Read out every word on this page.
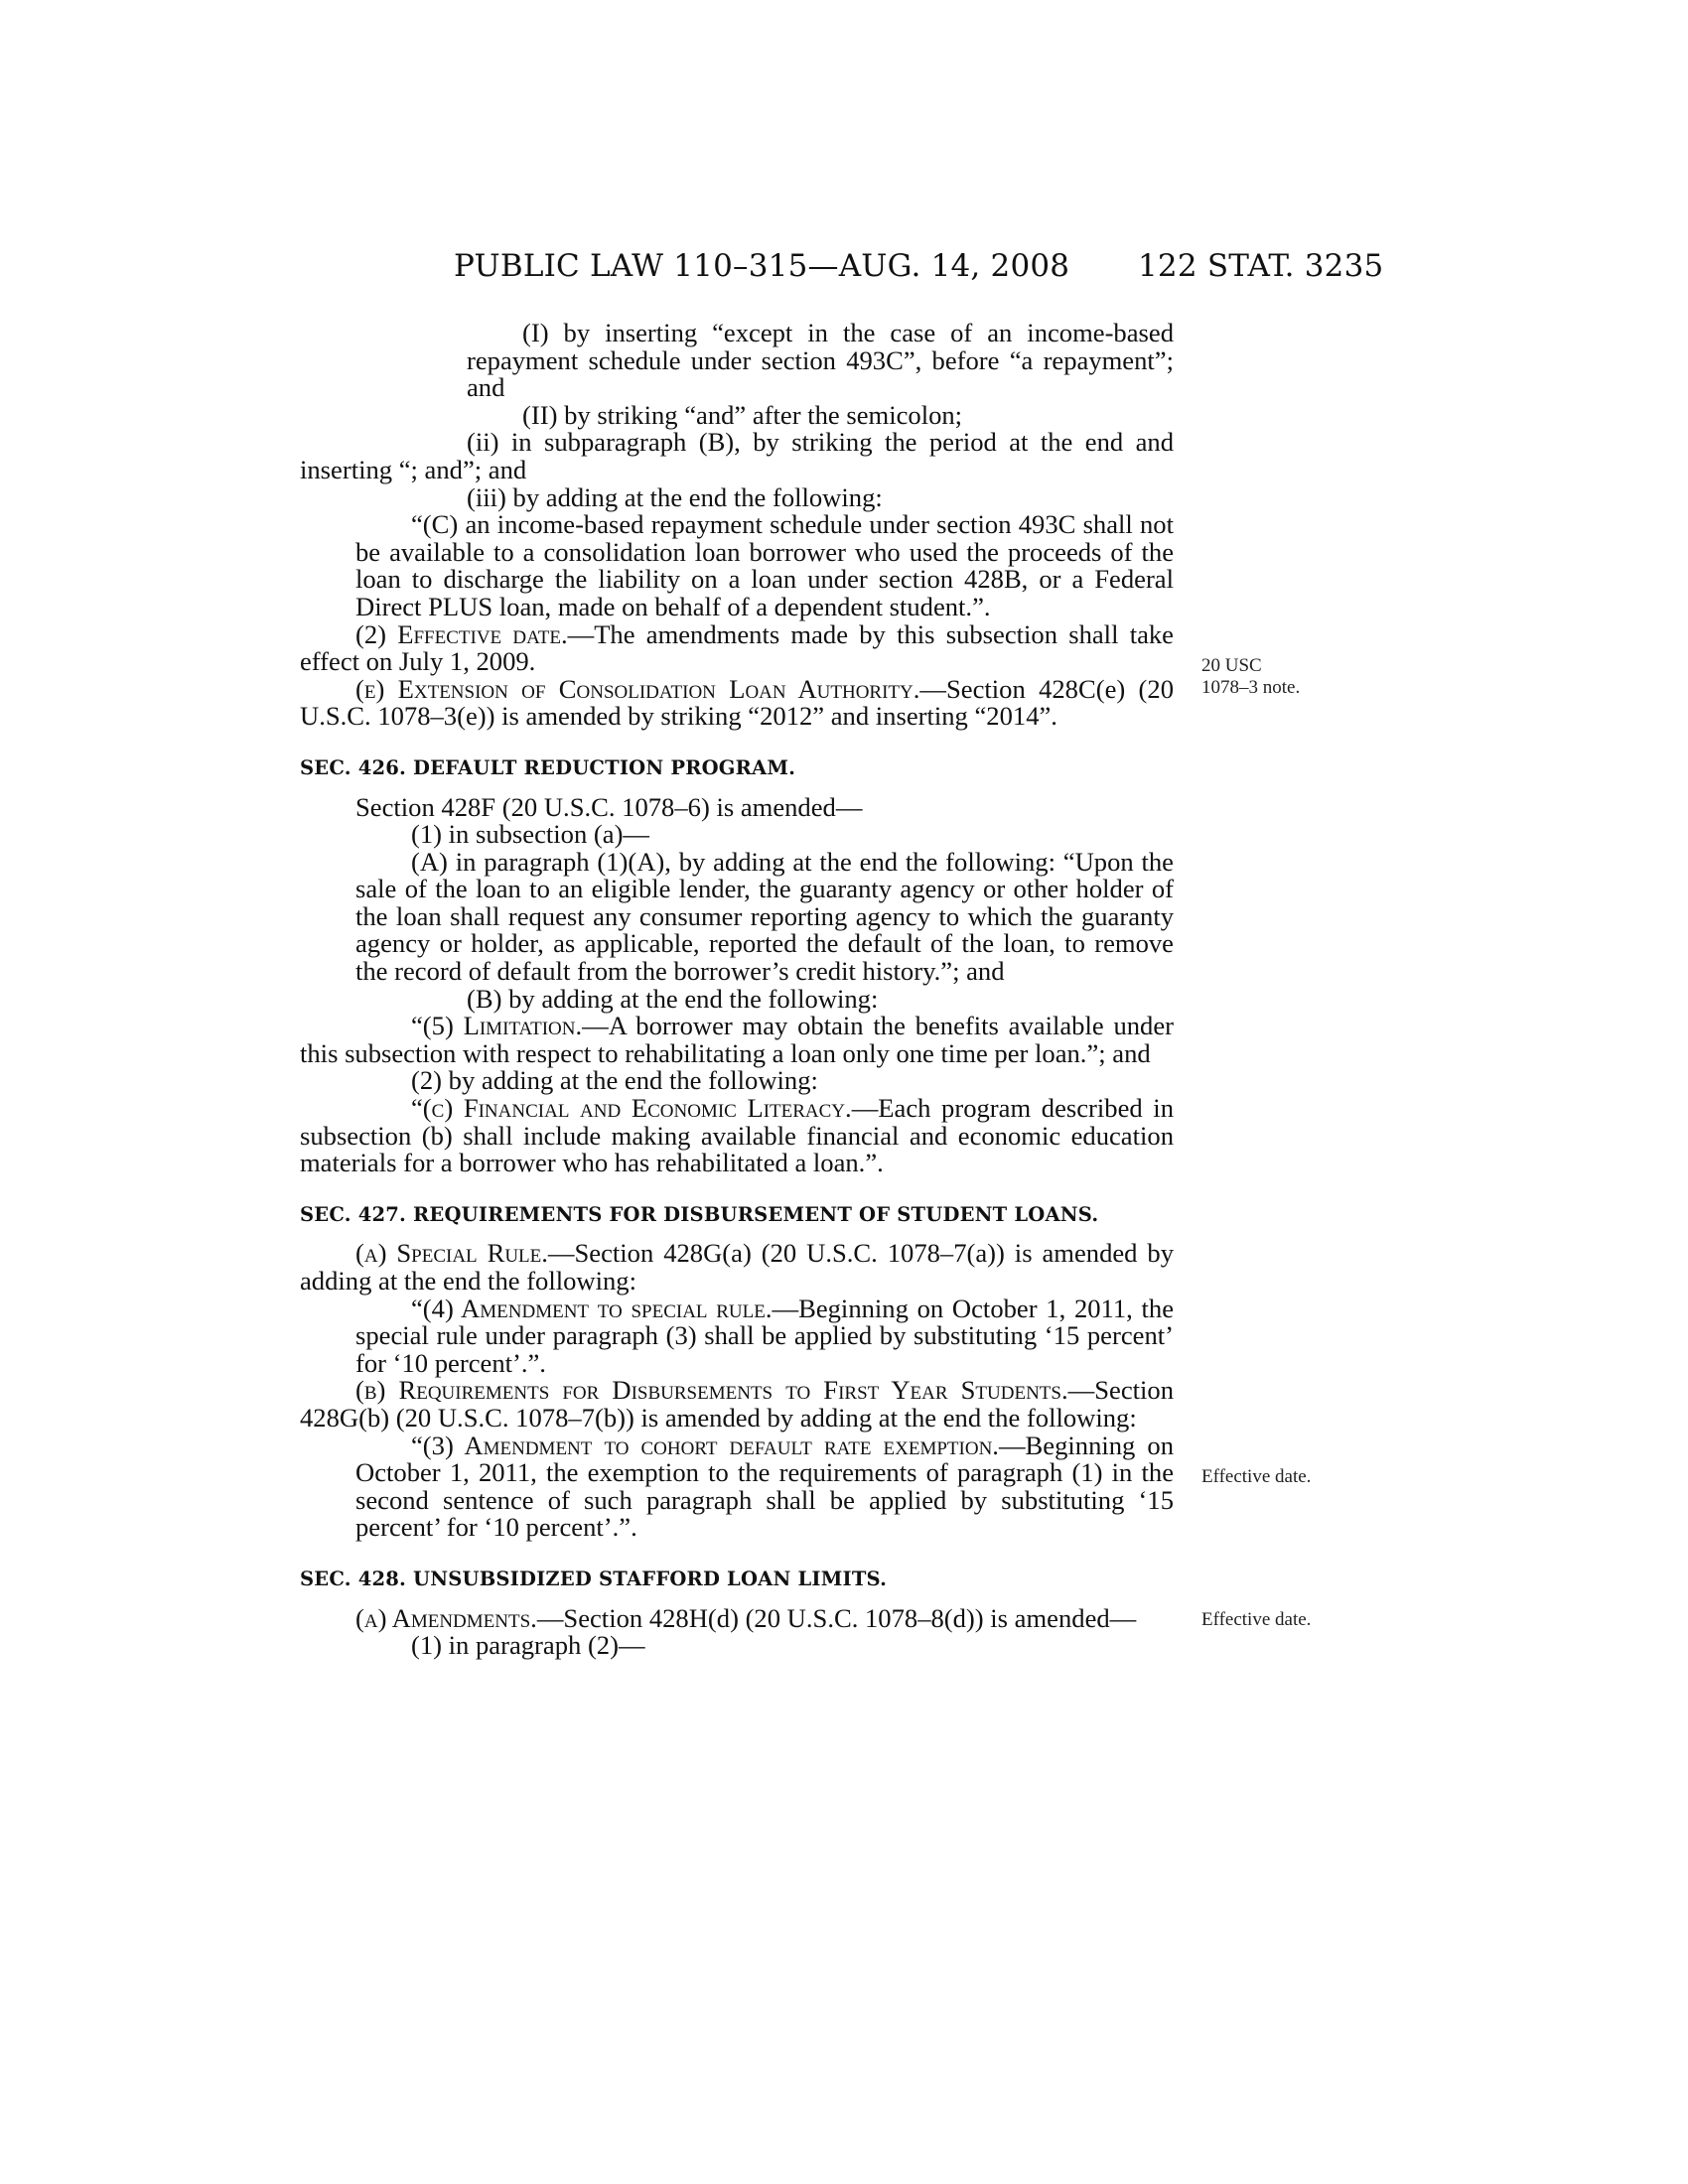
PUBLIC LAW 110–315—AUG. 14, 2008 122 STAT. 3235

(I) by inserting “except in the case of an income-based repayment schedule under section 493C”, before “a repayment”; and

(II) by striking “and” after the semicolon;

(ii) in subparagraph (B), by striking the period at the end and inserting “; and”; and

(iii) by adding at the end the following:

“(C) an income-based repayment schedule under section 493C shall not be available to a consolidation loan borrower who used the proceeds of the loan to discharge the liability on a loan under section 428B, or a Federal Direct PLUS loan, made on behalf of a dependent student.”.

(2) Effective date.—The amendments made by this subsection shall take effect on July 1, 2009.

(e) Extension of Consolidation Loan Authority.—Section 428C(e) (20 U.S.C. 1078–3(e)) is amended by striking “2012” and inserting “2014”.

SEC. 426. DEFAULT REDUCTION PROGRAM.

Section 428F (20 U.S.C. 1078–6) is amended—

(1) in subsection (a)—

(A) in paragraph (1)(A), by adding at the end the following: “Upon the sale of the loan to an eligible lender, the guaranty agency or other holder of the loan shall request any consumer reporting agency to which the guaranty agency or holder, as applicable, reported the default of the loan, to remove the record of default from the borrower’s credit history.”; and

(B) by adding at the end the following:

“(5) Limitation.—A borrower may obtain the benefits available under this subsection with respect to rehabilitating a loan only one time per loan.”; and

(2) by adding at the end the following:

“(c) Financial and Economic Literacy.—Each program described in subsection (b) shall include making available financial and economic education materials for a borrower who has rehabilitated a loan.”.

SEC. 427. REQUIREMENTS FOR DISBURSEMENT OF STUDENT LOANS.

(a) Special Rule.—Section 428G(a) (20 U.S.C. 1078–7(a)) is amended by adding at the end the following:

“(4) Amendment to special rule.—Beginning on October 1, 2011, the special rule under paragraph (3) shall be applied by substituting ‘15 percent’ for ‘10 percent’.”.

(b) Requirements for Disbursements to First Year Students.—Section 428G(b) (20 U.S.C. 1078–7(b)) is amended by adding at the end the following:

“(3) Amendment to cohort default rate exemption.—Beginning on October 1, 2011, the exemption to the requirements of paragraph (1) in the second sentence of such paragraph shall be applied by substituting ‘15 percent’ for ‘10 percent’.”.

SEC. 428. UNSUBSIDIZED STAFFORD LOAN LIMITS.

(a) Amendments.—Section 428H(d) (20 U.S.C. 1078–8(d)) is amended—

(1) in paragraph (2)—

20 USC
1078–3 note.
Effective date.
Effective date.
